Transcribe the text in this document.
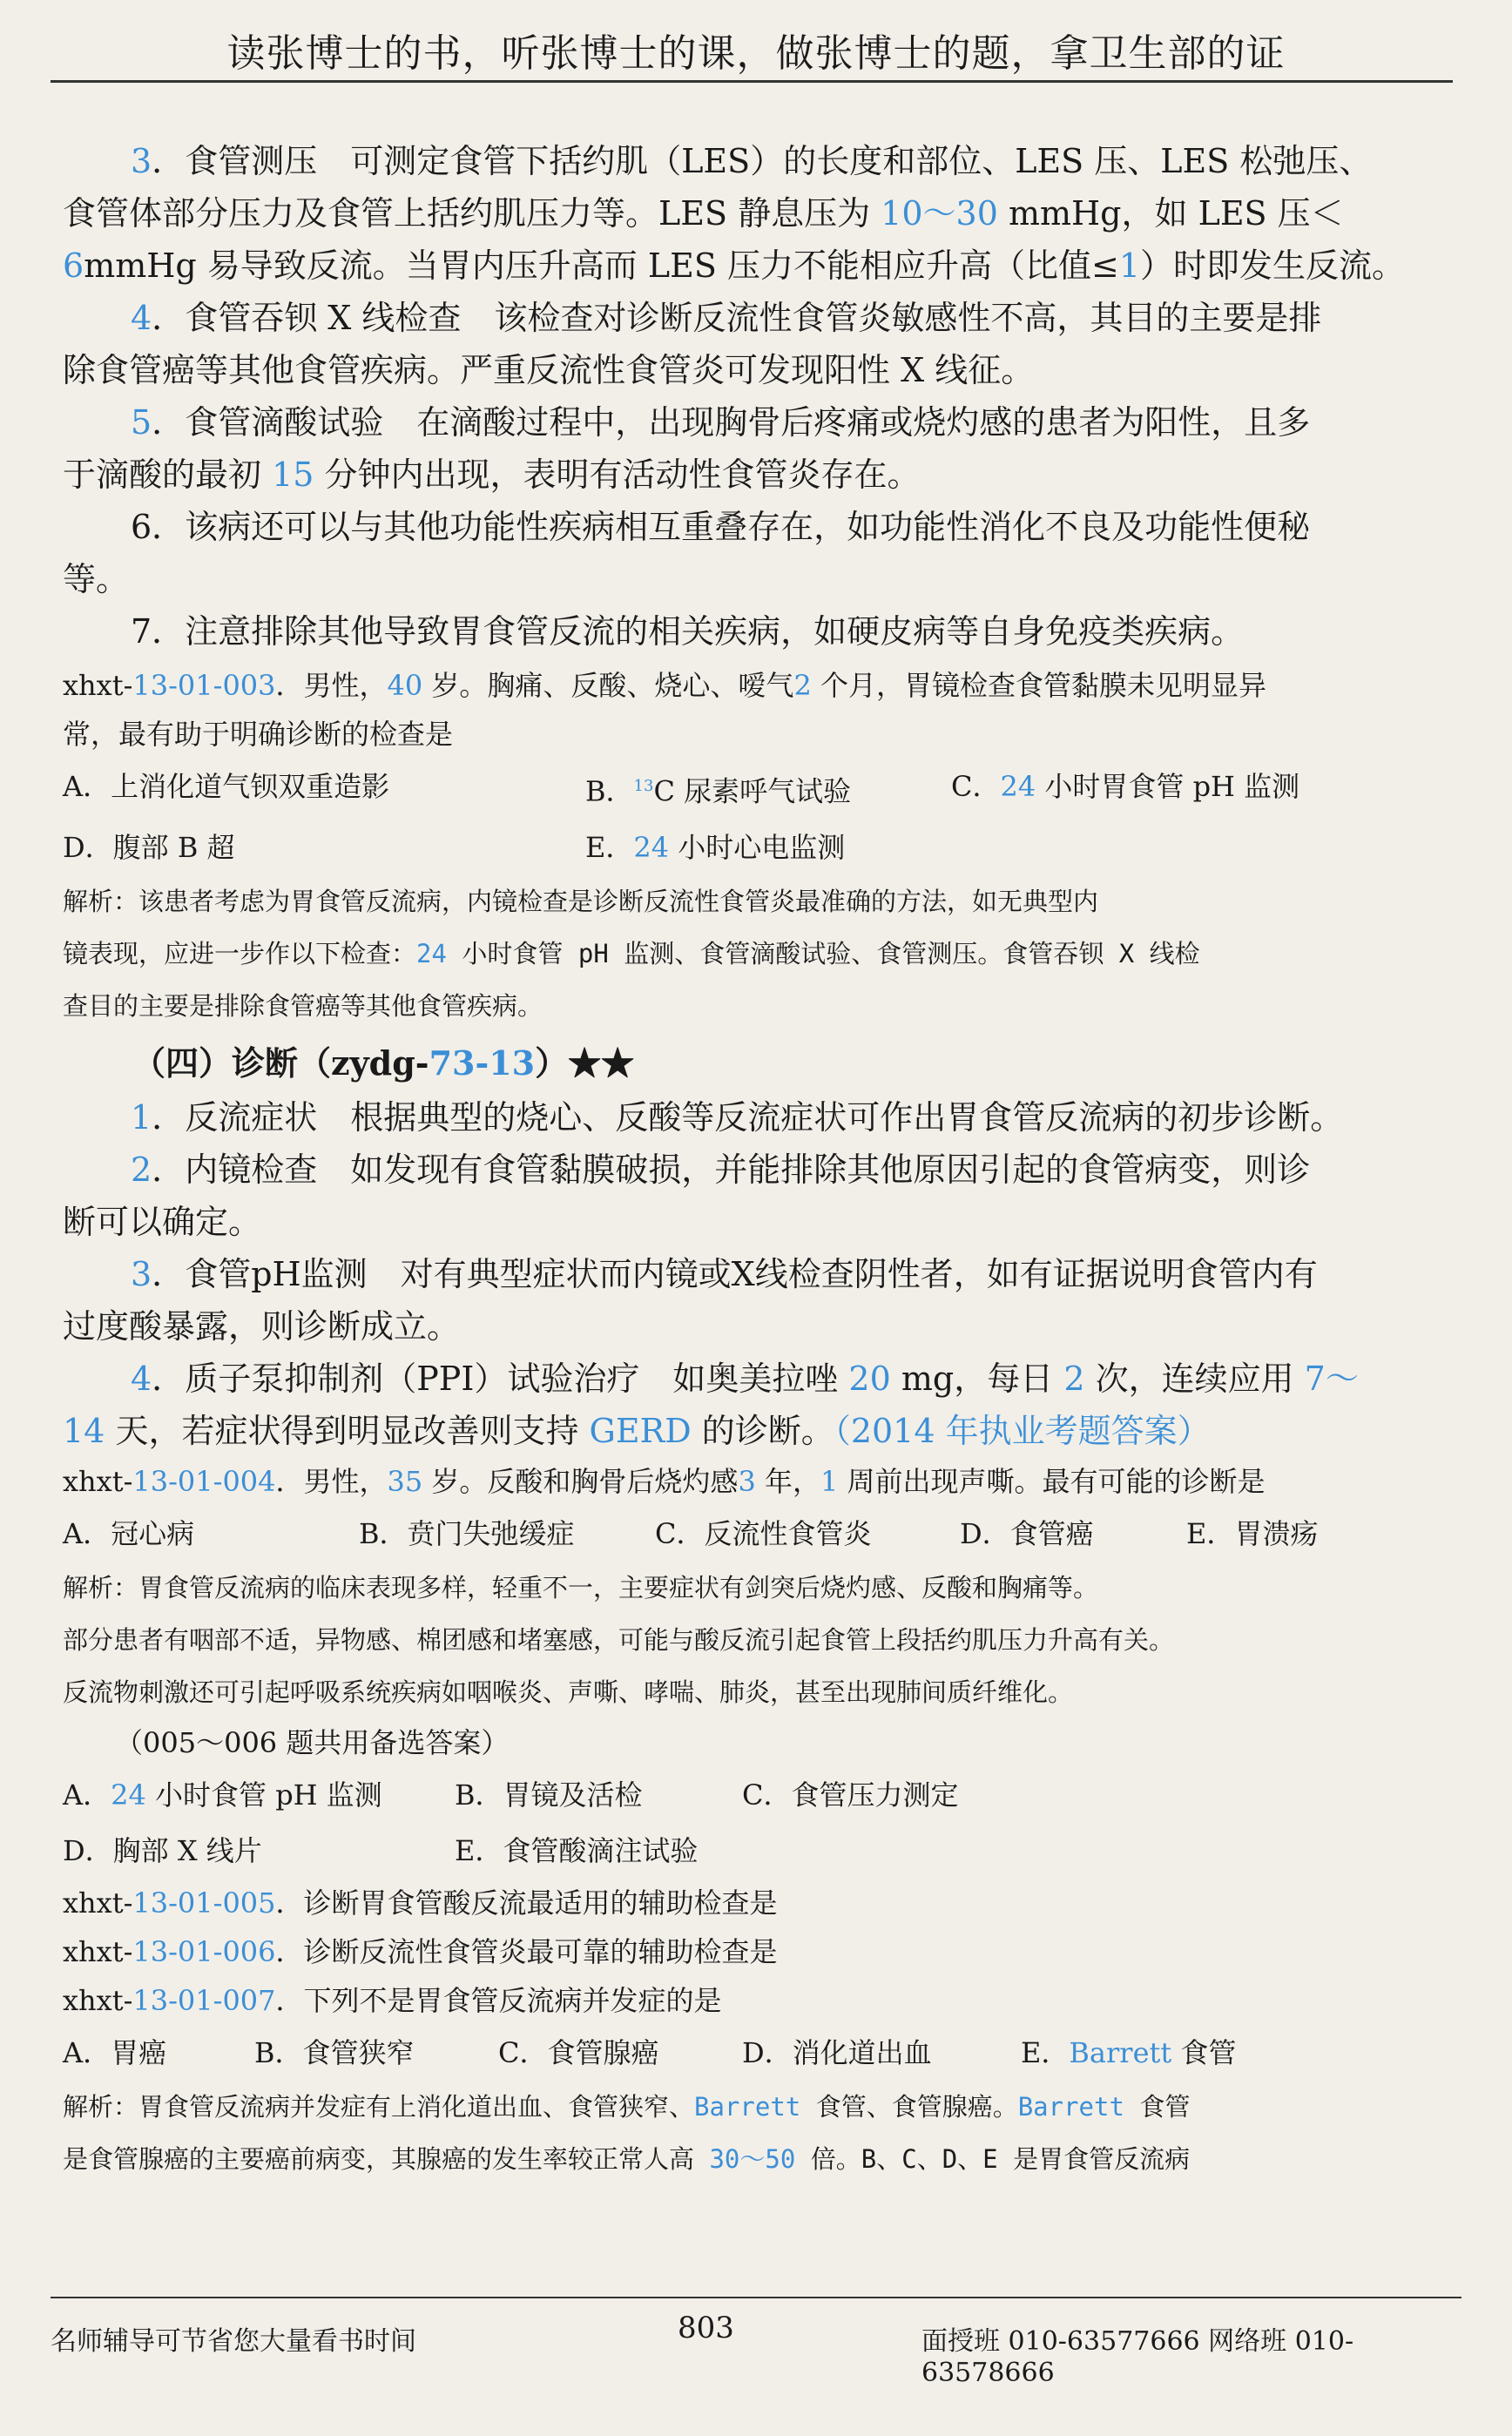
读张博士的书，听张博士的课，做张博士的题，拿卫生部的证
3．食管测压　可测定食管下括约肌（LES）的长度和部位、LES 压、LES 松弛压、
食管体部分压力及食管上括约肌压力等。LES 静息压为 10～30 mmHg，如 LES 压＜
6mmHg 易导致反流。当胃内压升高而 LES 压力不能相应升高（比值≤1）时即发生反流。
4．食管吞钡 X 线检查　该检查对诊断反流性食管炎敏感性不高，其目的主要是排
除食管癌等其他食管疾病。严重反流性食管炎可发现阳性 X 线征。
5．食管滴酸试验　在滴酸过程中，出现胸骨后疼痛或烧灼感的患者为阳性，且多
于滴酸的最初 15 分钟内出现，表明有活动性食管炎存在。
6．该病还可以与其他功能性疾病相互重叠存在，如功能性消化不良及功能性便秘
等。
7．注意排除其他导致胃食管反流的相关疾病，如硬皮病等自身免疫类疾病。
xhxt-13-01-003．男性，40 岁。胸痛、反酸、烧心、嗳气2 个月，胃镜检查食管黏膜未见明显异
常，最有助于明确诊断的检查是
A．上消化道气钡双重造影	B．$^{13}$C 尿素呼气试验	C．24 小时胃食管 pH 监测
D．腹部 B 超	E．24 小时心电监测
解析：该患者考虑为胃食管反流病，内镜检查是诊断反流性食管炎最准确的方法，如无典型内
镜表现，应进一步作以下检查：24 小时食管 pH 监测、食管滴酸试验、食管测压。食管吞钡 X 线检
查目的主要是排除食管癌等其他食管疾病。
（四）诊断（zydg-73-13）★★
1．反流症状　根据典型的烧心、反酸等反流症状可作出胃食管反流病的初步诊断。
2．内镜检查　如发现有食管黏膜破损，并能排除其他原因引起的食管病变，则诊
断可以确定。
3．食管pH监测　对有典型症状而内镜或X线检查阴性者，如有证据说明食管内有
过度酸暴露，则诊断成立。
4．质子泵抑制剂（PPI）试验治疗　如奥美拉唑 20 mg，每日 2 次，连续应用 7～
14 天，若症状得到明显改善则支持 GERD 的诊断。（2014 年执业考题答案）
xhxt-13-01-004．男性，35 岁。反酸和胸骨后烧灼感3 年，1 周前出现声嘶。最有可能的诊断是
A．冠心病	B．贲门失弛缓症	C．反流性食管炎	D．食管癌	E．胃溃疡
解析：胃食管反流病的临床表现多样，轻重不一，主要症状有剑突后烧灼感、反酸和胸痛等。
部分患者有咽部不适，异物感、棉团感和堵塞感，可能与酸反流引起食管上段括约肌压力升高有关。
反流物刺激还可引起呼吸系统疾病如咽喉炎、声嘶、哮喘、肺炎，甚至出现肺间质纤维化。
（005～006 题共用备选答案）
A．24 小时食管 pH 监测	B．胃镜及活检	C．食管压力测定
D．胸部 X 线片	E．食管酸滴注试验
xhxt-13-01-005．诊断胃食管酸反流最适用的辅助检查是
xhxt-13-01-006．诊断反流性食管炎最可靠的辅助检查是
xhxt-13-01-007．下列不是胃食管反流病并发症的是
A．胃癌	B．食管狭窄	C．食管腺癌	D．消化道出血	E．Barrett 食管
解析：胃食管反流病并发症有上消化道出血、食管狭窄、Barrett 食管、食管腺癌。Barrett 食管
是食管腺癌的主要癌前病变，其腺癌的发生率较正常人高 30～50 倍。B、C、D、E 是胃食管反流病
名师辅导可节省您大量看书时间	803	面授班 010-63577666 网络班 010-63578666
